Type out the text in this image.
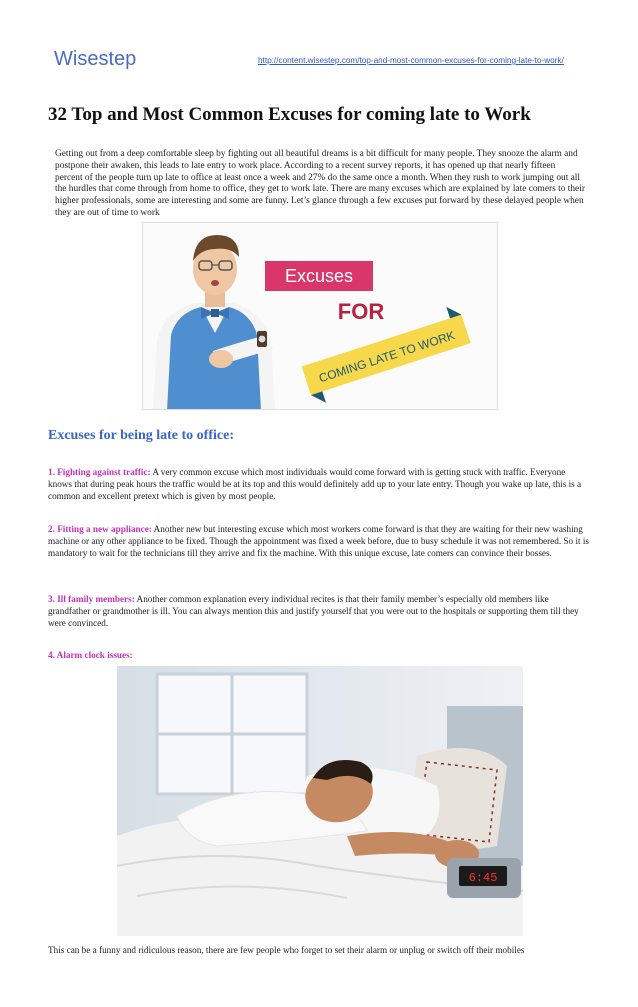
Wisestep	http://content.wisestep.com/top-and-most-common-excuses-for-coming-late-to-work/
32 Top and Most Common Excuses for coming late to Work

Getting out from a deep comfortable sleep by fighting out all beautiful dreams is a bit difficult for many people. They snooze the alarm and postpone their awaken, this leads to late entry to work place. According to a recent survey reports, it has opened up that nearly fifteen percent of the people turn up late to office at least once a week and 27% do the same once a month. When they rush to work jumping out all the hurdles that come through from home to office, they get to work late. There are many excuses which are explained by late comers to their higher professionals, some are interesting and some are funny. Let’s glance through a few excuses put forward by these delayed people when they are out of time to work

Excuses
FOR
COMING LATE TO WORK
Excuses for being late to office:

1. Fighting against traffic: A very common excuse which most individuals would come forward with is getting stuck with traffic. Everyone knows that during peak hours the traffic would be at its top and this would definitely add up to your late entry. Though you wake up late, this is a common and excellent pretext which is given by most people.

2. Fitting a new appliance: Another new but interesting excuse which most workers come forward is that they are waiting for their new washing machine or any other appliance to be fixed. Though the appointment was fixed a week before, due to busy schedule it was not remembered. So it is mandatory to wait for the technicians till they arrive and fix the machine. With this unique excuse, late comers can convince their bosses.

3. Ill family members: Another common explanation every individual recites is that their family member’s especially old members like grandfather or grandmother is ill. You can always mention this and justify yourself that you were out to the hospitals or supporting them till they were convinced.

4. Alarm clock issues:
6:45

This can be a funny and ridiculous reason, there are few people who forget to set their alarm or unplug or switch off their mobiles
